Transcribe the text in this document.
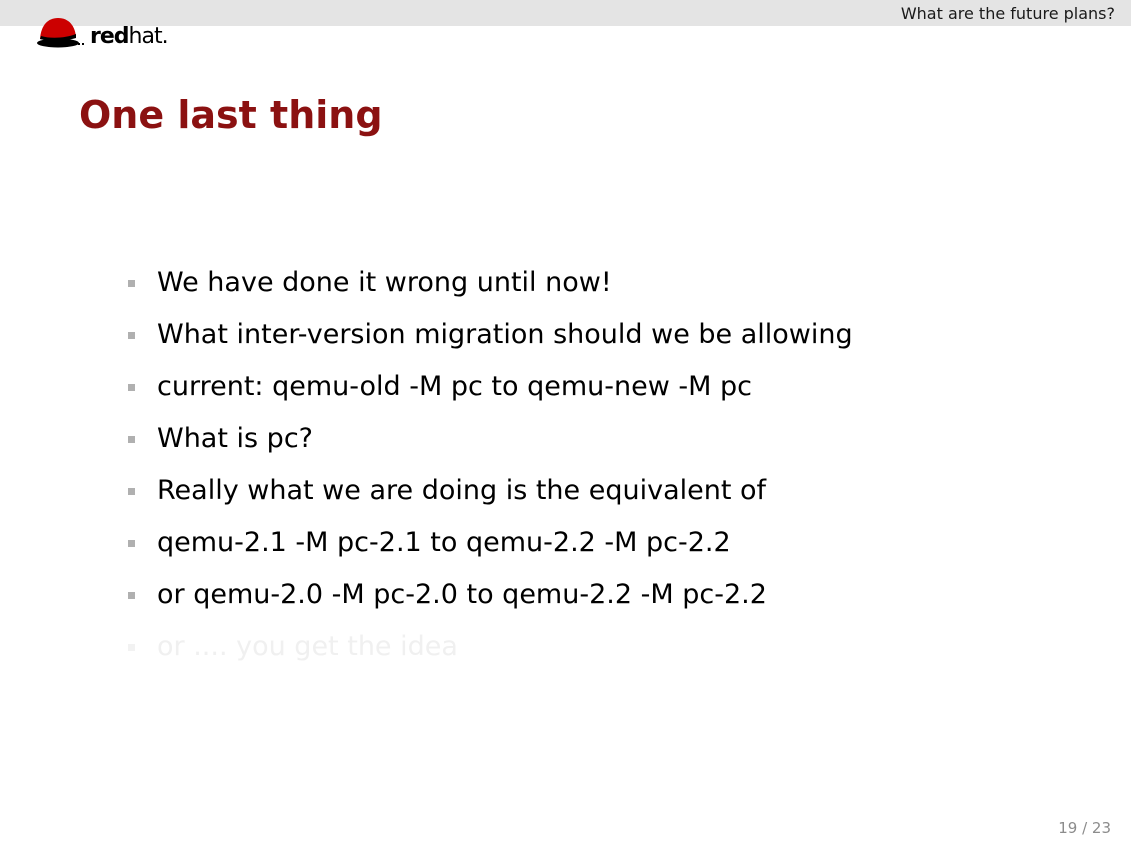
What are the future plans?
redhat.
One last thing
We have done it wrong until now!
What inter-version migration should we be allowing
current: qemu-old -M pc to qemu-new -M pc
What is pc?
Really what we are doing is the equivalent of
qemu-2.1 -M pc-2.1 to qemu-2.2 -M pc-2.2
or qemu-2.0 -M pc-2.0 to qemu-2.2 -M pc-2.2
or .... you get the idea
19 / 23
